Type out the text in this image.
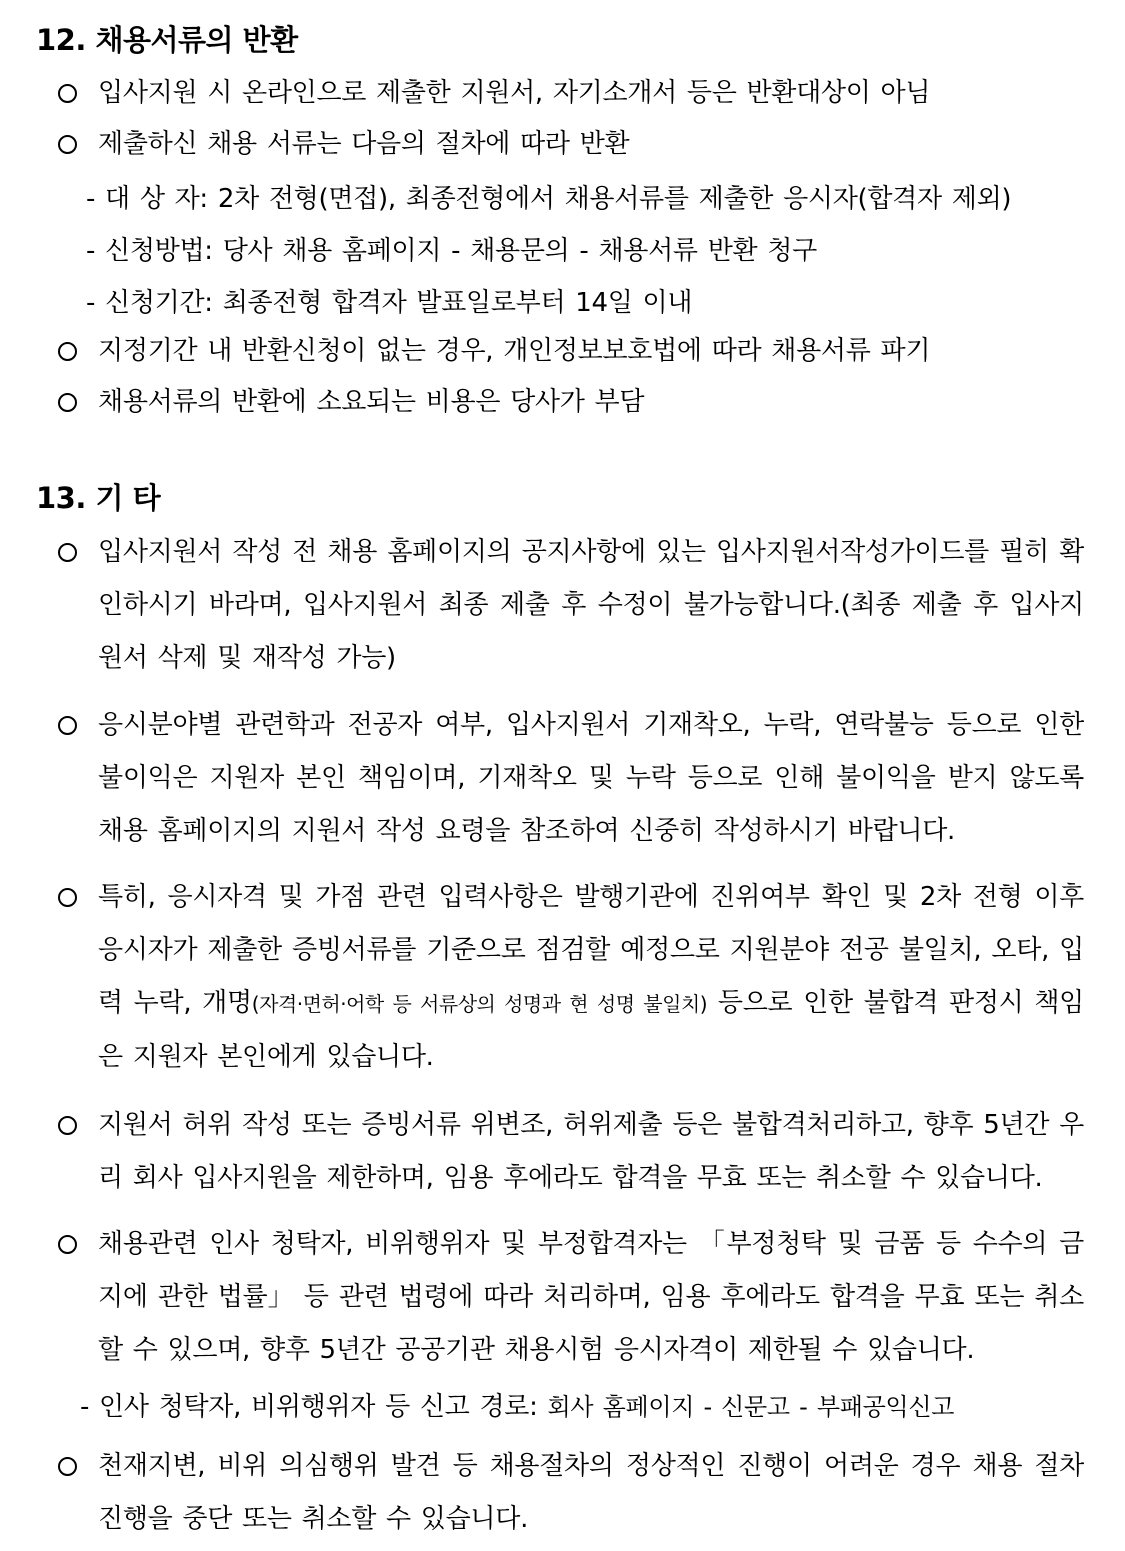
12. 채용서류의 반환
입사지원 시 온라인으로 제출한 지원서, 자기소개서 등은 반환대상이 아님
제출하신 채용 서류는 다음의 절차에 따라 반환
- 대 상 자: 2차 전형(면접), 최종전형에서 채용서류를 제출한 응시자(합격자 제외)
- 신청방법: 당사 채용 홈페이지 - 채용문의 - 채용서류 반환 청구
- 신청기간: 최종전형 합격자 발표일로부터 14일 이내
지정기간 내 반환신청이 없는 경우, 개인정보보호법에 따라 채용서류 파기
채용서류의 반환에 소요되는 비용은 당사가 부담
13. 기 타
입사지원서 작성 전 채용 홈페이지의 공지사항에 있는 입사지원서작성가이드를 필히 확인하시기 바라며, 입사지원서 최종 제출 후 수정이 불가능합니다.(최종 제출 후 입사지원서 삭제 및 재작성 가능)
응시분야별 관련학과 전공자 여부, 입사지원서 기재착오, 누락, 연락불능 등으로 인한 불이익은 지원자 본인 책임이며, 기재착오 및 누락 등으로 인해 불이익을 받지 않도록 채용 홈페이지의 지원서 작성 요령을 참조하여 신중히 작성하시기 바랍니다.
특히, 응시자격 및 가점 관련 입력사항은 발행기관에 진위여부 확인 및 2차 전형 이후 응시자가 제출한 증빙서류를 기준으로 점검할 예정으로 지원분야 전공 불일치, 오타, 입력 누락, 개명(자격·면허·어학 등 서류상의 성명과 현 성명 불일치) 등으로 인한 불합격 판정시 책임은 지원자 본인에게 있습니다.
지원서 허위 작성 또는 증빙서류 위변조, 허위제출 등은 불합격처리하고, 향후 5년간 우리 회사 입사지원을 제한하며, 임용 후에라도 합격을 무효 또는 취소할 수 있습니다.
채용관련 인사 청탁자, 비위행위자 및 부정합격자는 「부정청탁 및 금품 등 수수의 금지에 관한 법률」 등 관련 법령에 따라 처리하며, 임용 후에라도 합격을 무효 또는 취소할 수 있으며, 향후 5년간 공공기관 채용시험 응시자격이 제한될 수 있습니다.
- 인사 청탁자, 비위행위자 등 신고 경로: 회사 홈페이지 - 신문고 - 부패공익신고
천재지변, 비위 의심행위 발견 등 채용절차의 정상적인 진행이 어려운 경우 채용 절차 진행을 중단 또는 취소할 수 있습니다.
